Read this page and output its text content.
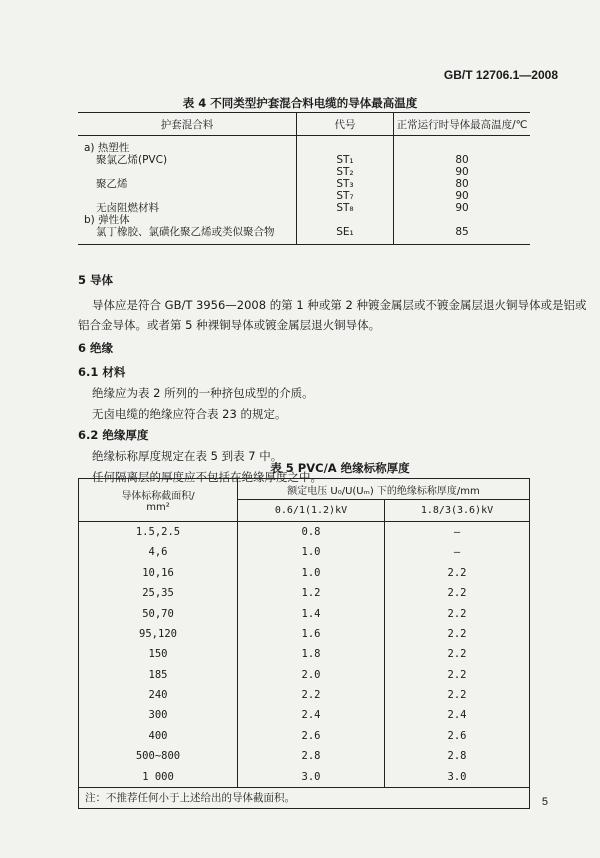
GB/T 12706.1—2008
表 4 不同类型护套混合料电缆的导体最高温度
护套混合料	代号	正常运行时导体最高温度/℃
a) 热塑性		
聚氯乙烯(PVC)	ST₁	80
	ST₂	90
聚乙烯	ST₃	80
	ST₇	90
无卤阻燃材料	ST₈	90
b) 弹性体		
氯丁橡胶、氯磺化聚乙烯或类似聚合物	SE₁	85
5 导体
导体应是符合 GB/T 3956—2008 的第 1 种或第 2 种镀金属层或不镀金属层退火铜导体或是铝或
铝合金导体。或者第 5 种裸铜导体或镀金属层退火铜导体。
6 绝缘
6.1 材料
绝缘应为表 2 所列的一种挤包成型的介质。
无卤电缆的绝缘应符合表 23 的规定。
6.2 绝缘厚度
绝缘标称厚度规定在表 5 到表 7 中。
任何隔离层的厚度应不包括在绝缘厚度之中。
表 5 PVC/A 绝缘标称厚度
导体标称截面积/
mm²	额定电压 U₀/U(Uₘ) 下的绝缘标称厚度/mm	
	0.6/1(1.2)kV	1.8/3(3.6)kV
1.5,2.5	0.8	—
4,6	1.0	—
10,16	1.0	2.2
25,35	1.2	2.2
50,70	1.4	2.2
95,120	1.6	2.2
150	1.8	2.2
185	2.0	2.2
240	2.2	2.2
300	2.4	2.4
400	2.6	2.6
500~800	2.8	2.8
1 000	3.0	3.0
注：不推荐任何小于上述给出的导体截面积。			5
